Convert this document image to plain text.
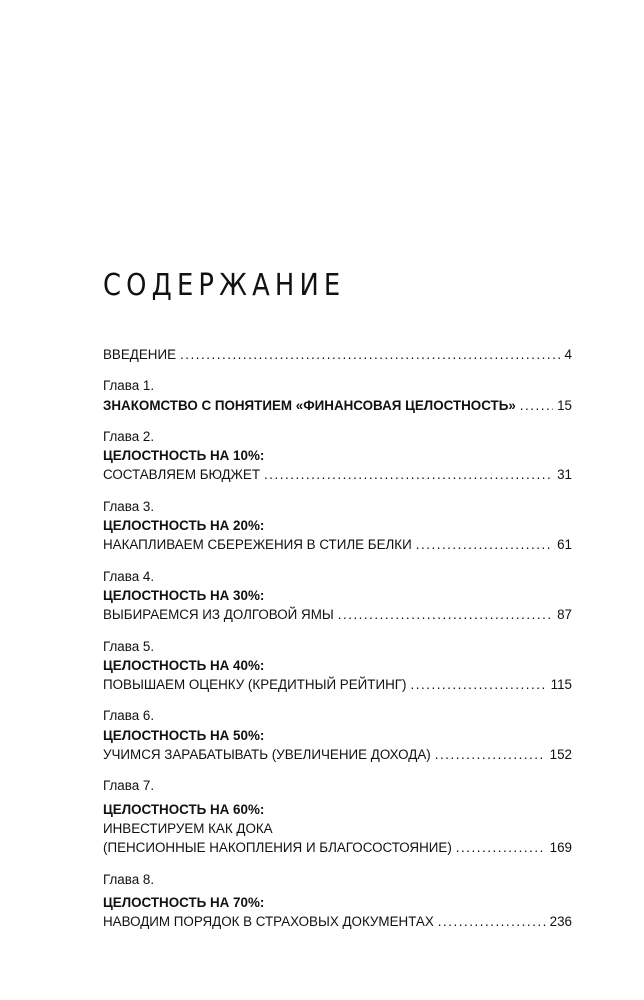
СОДЕРЖАНИЕ
ВВЕДЕНИЕ . . .	4
Глава 1.
ЗНАКОМСТВО С ПОНЯТИЕМ «ФИНАНСОВАЯ ЦЕЛОСТНОСТЬ» . . .	15
Глава 2.
ЦЕЛОСТНОСТЬ НА 10%:
СОСТАВЛЯЕМ БЮДЖЕТ . . .	31
Глава 3.
ЦЕЛОСТНОСТЬ НА 20%:
НАКАПЛИВАЕМ СБЕРЕЖЕНИЯ В СТИЛЕ БЕЛКИ . . .	61
Глава 4.
ЦЕЛОСТНОСТЬ НА 30%:
ВЫБИРАЕМСЯ ИЗ ДОЛГОВОЙ ЯМЫ . . .	87
Глава 5.
ЦЕЛОСТНОСТЬ НА 40%:
ПОВЫШАЕМ ОЦЕНКУ (КРЕДИТНЫЙ РЕЙТИНГ) . . .	115
Глава 6.
ЦЕЛОСТНОСТЬ НА 50%:
УЧИМСЯ ЗАРАБАТЫВАТЬ (УВЕЛИЧЕНИЕ ДОХОДА) . . .	152
Глава 7.
ЦЕЛОСТНОСТЬ НА 60%:
ИНВЕСТИРУЕМ КАК ДОКА
(ПЕНСИОННЫЕ НАКОПЛЕНИЯ И БЛАГОСОСТОЯНИЕ) . . .	169
Глава 8.
ЦЕЛОСТНОСТЬ НА 70%:
НАВОДИМ ПОРЯДОК В СТРАХОВЫХ ДОКУМЕНТАХ . . .	236
